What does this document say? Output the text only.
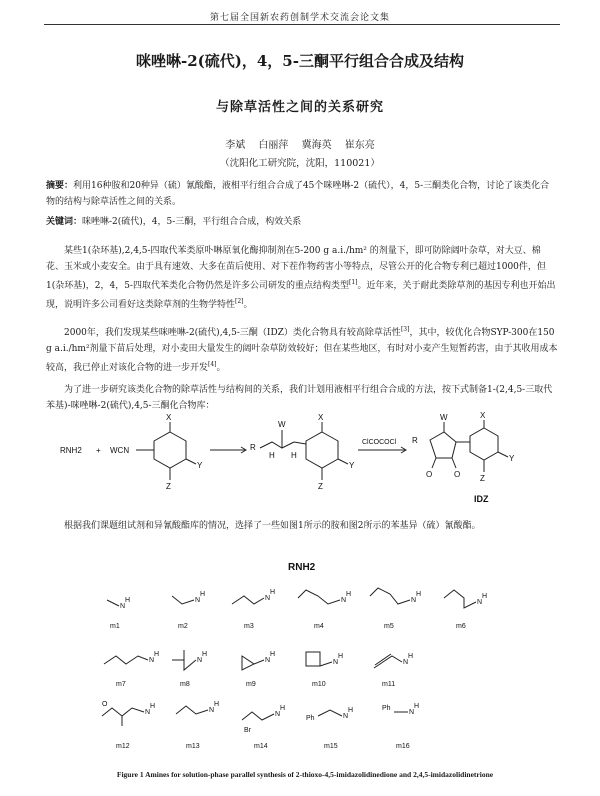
第七届全国新农药创制学术交流会论文集
咪唑啉-2(硫代)，4，5-三酮平行组合合成及结构
与除草活性之间的关系研究
李斌 白丽萍 冀海英 崔东亮
（沈阳化工研究院，沈阳，110021）
摘要：利用16种胺和20种异（硫）氰酸酯，液相平行组合合成了45个咪唑啉-2（硫代），4，5-三酮类化合物，讨论了该类化合物的结构与除草活性之间的关系。
关键词：咪唑啉-2(硫代)，4，5-三酮，平行组合合成，构效关系
某些1(杂环基),2,4,5-四取代苯类原卟啉原氧化酶抑制剂在5-200 g a.i./hm² 的剂量下，即可防除阔叶杂草，对大豆、棉花、玉米或小麦安全。由于具有速效、大多在苗后使用、对下茬作物药害小等特点，尽管公开的化合物专利已超过1000件，但1(杂环基)，2，4，5-四取代苯类化合物仍然是许多公司研发的重点结构类型[1]。近年来，关于耐此类除草剂的基因专利也开始出现，说明许多公司看好这类除草剂的生物学特性[2]。
2000年，我们发现某些咪唑啉-2(硫代),4,5-三酮（IDZ）类化合物具有较高除草活性[3]，其中，较优化合物SYP-300在150 g a.i./hm²剂量下苗后处理，对小麦田大量发生的阔叶杂草防效较好；但在某些地区，有时对小麦产生短暂药害，由于其收用成本较高，我已停止对该化合物的进一步开发[4]。
为了进一步研究该类化合物的除草活性与结构间的关系，我们计划用液相平行组合合成的方法，按下式制备1-(2,4,5-三取代苯基)-咪唑啉-2(硫代),4,5-三酮化合物库：
RNH2 + WCN
X
Y
Z
R
W
H H
X
Y
Z
ClCOCOCl R
W
O	O
X
Y
Z
IDZ
根据我们课题组试剂和异氰酸酯库的情况，选择了一些如图1所示的胺和图2所示的苯基异（硫）氰酸酯。
RNH2
N
H	N
H
N
H
N
H
N
H
N
H
N
H
N
H
N
H
N
H
N
H
O
N
H
N
H
Br
N
H
Ph	N
H	Ph
N
H
m1	m2	m3	m4	m5	m6
m7	m8	m9	m10	m11
m12	m13	m14	m15	m16
Figure 1 Amines for solution-phase parallel synthesis of 2-thioxo-4,5-imidazolidinedione and 2,4,5-imidazolidinetrione
